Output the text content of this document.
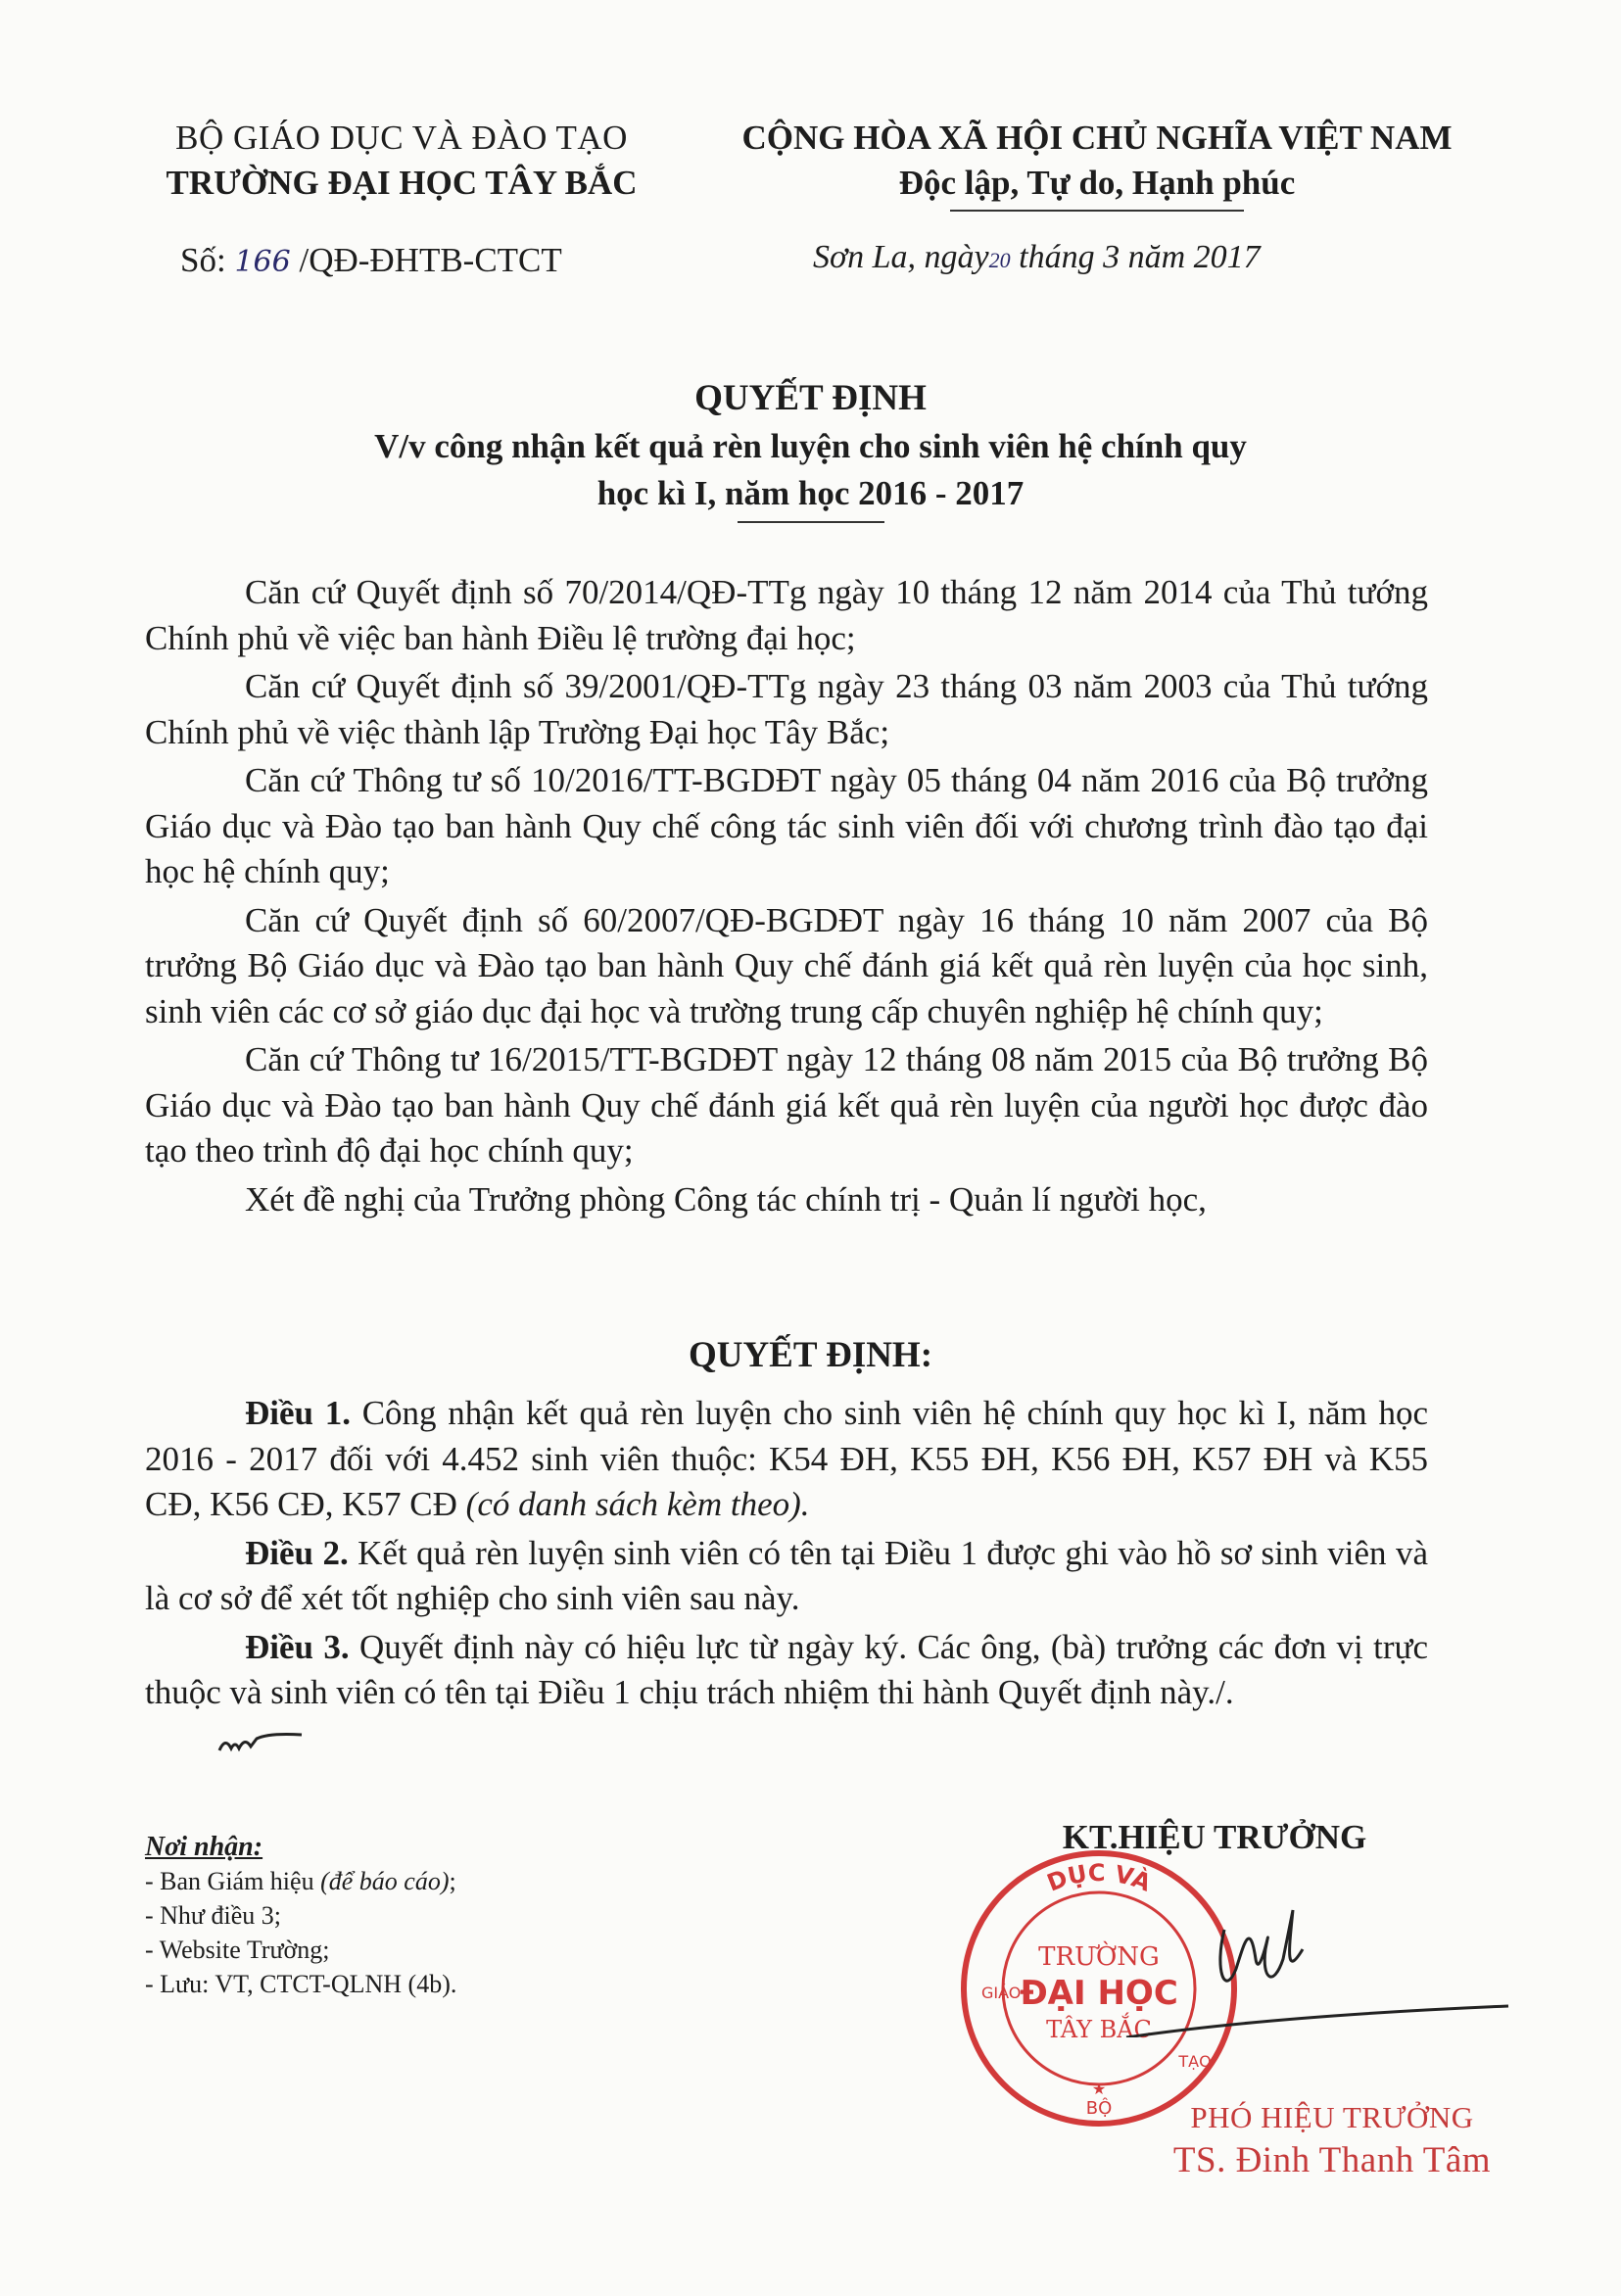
BỘ GIÁO DỤC VÀ ĐÀO TẠO
TRƯỜNG ĐẠI HỌC TÂY BẮC
CỘNG HÒA XÃ HỘI CHỦ NGHĨA VIỆT NAM
Độc lập, Tự do, Hạnh phúc
Số: 166 /QĐ-ĐHTB-CTCT	Sơn La, ngày20 tháng 3 năm 2017
QUYẾT ĐỊNH
V/v công nhận kết quả rèn luyện cho sinh viên hệ chính quy
học kì I, năm học 2016 - 2017

Căn cứ Quyết định số 70/2014/QĐ-TTg ngày 10 tháng 12 năm 2014 của Thủ tướng Chính phủ về việc ban hành Điều lệ trường đại học;

Căn cứ Quyết định số 39/2001/QĐ-TTg ngày 23 tháng 03 năm 2003 của Thủ tướng Chính phủ về việc thành lập Trường Đại học Tây Bắc;

Căn cứ Thông tư số 10/2016/TT-BGDĐT ngày 05 tháng 04 năm 2016 của Bộ trưởng Giáo dục và Đào tạo ban hành Quy chế công tác sinh viên đối với chương trình đào tạo đại học hệ chính quy;

Căn cứ Quyết định số 60/2007/QĐ-BGDĐT ngày 16 tháng 10 năm 2007 của Bộ trưởng Bộ Giáo dục và Đào tạo ban hành Quy chế đánh giá kết quả rèn luyện của học sinh, sinh viên các cơ sở giáo dục đại học và trường trung cấp chuyên nghiệp hệ chính quy;

Căn cứ Thông tư 16/2015/TT-BGDĐT ngày 12 tháng 08 năm 2015 của Bộ trưởng Bộ Giáo dục và Đào tạo ban hành Quy chế đánh giá kết quả rèn luyện của người học được đào tạo theo trình độ đại học chính quy;

Xét đề nghị của Trưởng phòng Công tác chính trị - Quản lí người học,

QUYẾT ĐỊNH:

Điều 1. Công nhận kết quả rèn luyện cho sinh viên hệ chính quy học kì I, năm học 2016 - 2017 đối với 4.452 sinh viên thuộc: K54 ĐH, K55 ĐH, K56 ĐH, K57 ĐH và K55 CĐ, K56 CĐ, K57 CĐ (có danh sách kèm theo).

Điều 2. Kết quả rèn luyện sinh viên có tên tại Điều 1 được ghi vào hồ sơ sinh viên và là cơ sở để xét tốt nghiệp cho sinh viên sau này.

Điều 3. Quyết định này có hiệu lực từ ngày ký. Các ông, (bà) trưởng các đơn vị trực thuộc và sinh viên có tên tại Điều 1 chịu trách nhiệm thi hành Quyết định này./.

Nơi nhận:
- Ban Giám hiệu (để báo cáo);
- Như điều 3;
- Website Trường;
- Lưu: VT, CTCT-QLNH (4b).
KT.HIỆU TRƯỞNG
DỤC VÀ
GIÁO
BỘ
TẠO
TRƯỜNG
ĐẠI HỌC
TÂY BẮC
★
PHÓ HIỆU TRƯỞNG
TS. Đinh Thanh Tâm
